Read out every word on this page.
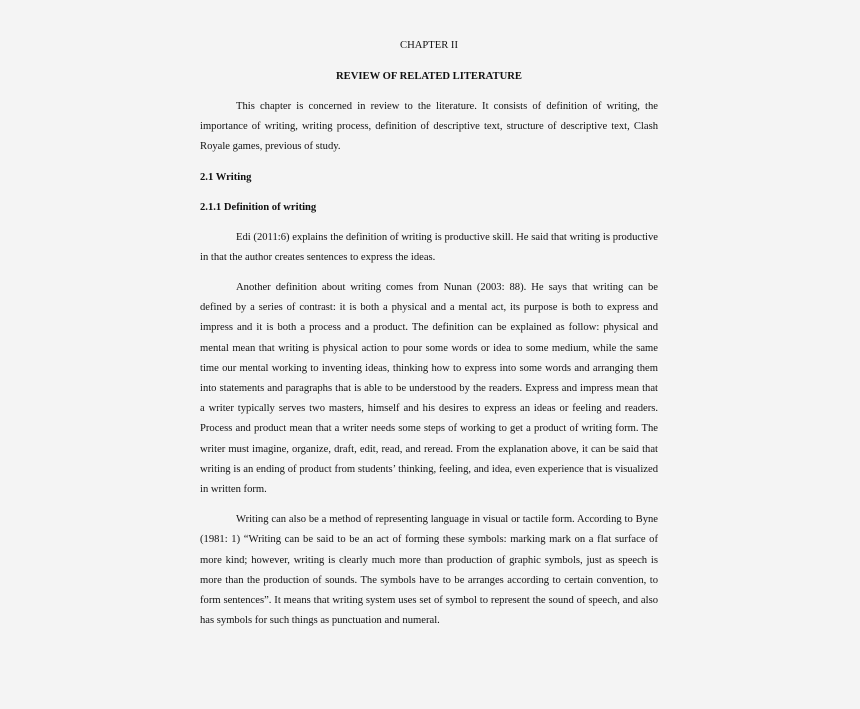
CHAPTER II
REVIEW OF RELATED LITERATURE

This chapter is concerned in review to the literature. It consists of definition of writing, the importance of writing, writing process, definition of descriptive text, structure of descriptive text, Clash Royale games, previous of study.

2.1 Writing
2.1.1 Definition of writing

Edi (2011:6) explains the definition of writing is productive skill. He said that writing is productive in that the author creates sentences to express the ideas.

Another definition about writing comes from Nunan (2003: 88). He says that writing can be defined by a series of contrast: it is both a physical and a mental act, its purpose is both to express and impress and it is both a process and a product. The definition can be explained as follow: physical and mental mean that writing is physical action to pour some words or idea to some medium, while the same time our mental working to inventing ideas, thinking how to express into some words and arranging them into statements and paragraphs that is able to be understood by the readers. Express and impress mean that a writer typically serves two masters, himself and his desires to express an ideas or feeling and readers. Process and product mean that a writer needs some steps of working to get a product of writing form. The writer must imagine, organize, draft, edit, read, and reread. From the explanation above, it can be said that writing is an ending of product from students’ thinking, feeling, and idea, even experience that is visualized in written form.

Writing can also be a method of representing language in visual or tactile form. According to Byne (1981: 1) “Writing can be said to be an act of forming these symbols: marking mark on a flat surface of more kind; however, writing is clearly much more than production of graphic symbols, just as speech is more than the production of sounds. The symbols have to be arranges according to certain convention, to form sentences”. It means that writing system uses set of symbol to represent the sound of speech, and also has symbols for such things as punctuation and numeral.
